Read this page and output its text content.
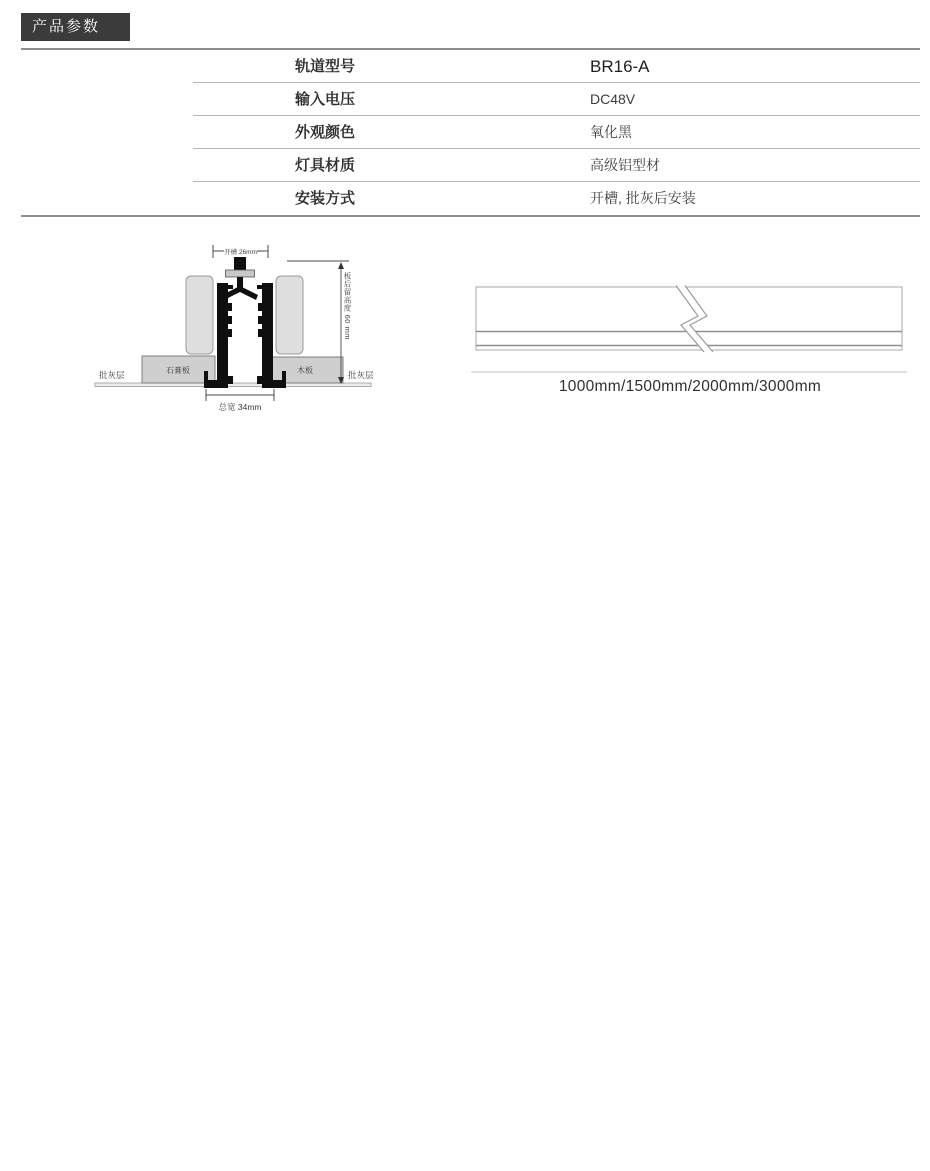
产品参数
轨道型号	BR16-A
输入电压	DC48V
外观颜色	氧化黑
灯具材质	高级铝型材
安装方式	开槽, 批灰后安装
开槽 26mm
总宽 34mm
批灰层	批灰层
石膏板	木板
板后留高度 60 mm
1000mm/1500mm/2000mm/3000mm
